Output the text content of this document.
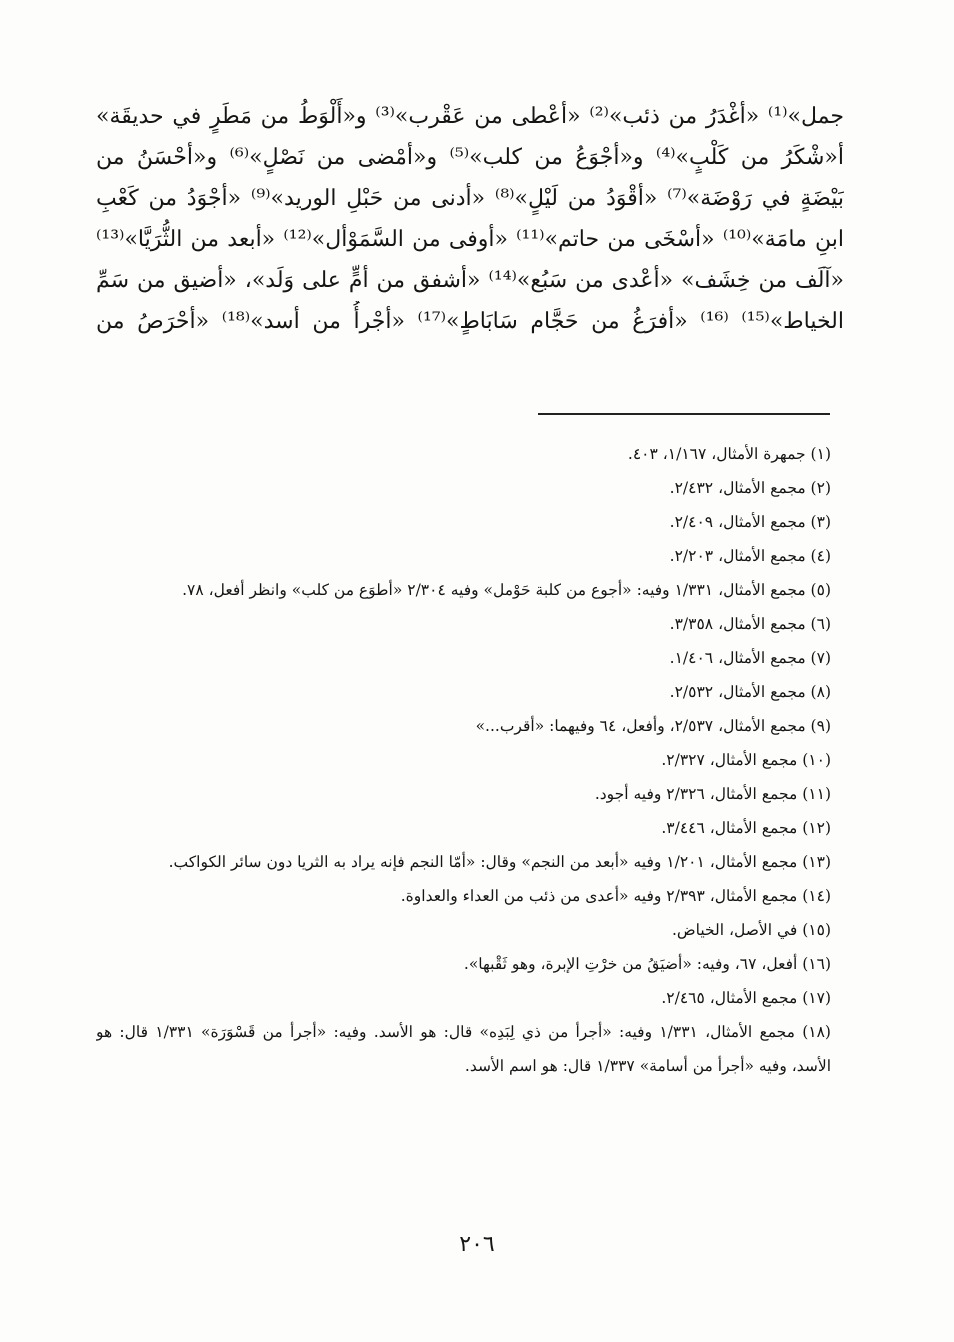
جمل»⁽¹⁾ «أغْدَرُ من ذئب»⁽²⁾ «أعْطى من عَقْرب»⁽³⁾ و«أَلْوَطُ من مَطَرٍ في حديقَة»
أ«شْكَرُ من كَلْبٍ»⁽⁴⁾ و«أجْوَعُ من كلب»⁽⁵⁾ و«أمْضى من نَصْلٍ»⁽⁶⁾ و«أحْسَنُ من
بَيْضَةٍ في رَوْضَة»⁽⁷⁾ «أقْوَدُ من لَيْلٍ»⁽⁸⁾ «أدنى من حَبْلِ الوريد»⁽⁹⁾ «أجْوَدُ من كَعْبِ
ابنِ مامَة»⁽¹⁰⁾ «أسْخَى من حاتم»⁽¹¹⁾ «أوفى من السَّمَوْأل»⁽¹²⁾ «أبعد من الثُّرَيَّا»⁽¹³⁾
«آلَف من خِشَف» «أعْدى من سَبُع»⁽¹⁴⁾ «أشفق من أمٍّ على وَلَد»، «أضيق من سَمِّ
الخياط»⁽¹⁵⁾ ⁽¹⁶⁾ «أفرَغُ من حَجَّام سَابَاطٍ»⁽¹⁷⁾ «أجْرأُ من أسد»⁽¹⁸⁾ «أحْرَصُ من
(١) جمهرة الأمثال، ١/١٦٧، ٤٠٣.
(٢) مجمع الأمثال، ٢/٤٣٢.
(٣) مجمع الأمثال، ٢/٤٠٩.
(٤) مجمع الأمثال، ٢/٢٠٣.
(٥) مجمع الأمثال، ١/٣٣١ وفيه: «أجوع من كلبة حَوْمل» وفيه ٢/٣٠٤ «أطوَع من كلب» وانظر أفعل، ٧٨.
(٦) مجمع الأمثال، ٣/٣٥٨.
(٧) مجمع الأمثال، ١/٤٠٦.
(٨) مجمع الأمثال، ٢/٥٣٢.
(٩) مجمع الأمثال، ٢/٥٣٧، وأفعل، ٦٤ وفيهما: «أقرب...»
(١٠) مجمع الأمثال، ٢/٣٢٧.
(١١) مجمع الأمثال، ٢/٣٢٦ وفيه أجود.
(١٢) مجمع الأمثال، ٣/٤٤٦.
(١٣) مجمع الأمثال، ١/٢٠١ وفيه «أبعد من النجم» وقال: «أمّا النجم فإنه يراد به الثريا دون سائر الكواكب.
(١٤) مجمع الأمثال، ٢/٣٩٣ وفيه «أعدى من ذئب من العداء والعداوة.
(١٥) في الأصل، الخياض.
(١٦) أفعل، ٦٧، وفيه: «أضيَقُ من خرْتِ الإبرة، وهو ثَقْبها».
(١٧) مجمع الأمثال، ٢/٤٦٥.
(١٨) مجمع الأمثال، ١/٣٣١ وفيه: «أجرأ من ذي لِبَدِه» قال: هو الأسد. وفيه: «أجرأ من قَسْوَرَة» ١/٣٣١ قال: هو الأسد، وفيه «أجرأ من أسامة» ١/٣٣٧ قال: هو اسم الأسد.
٢٠٦
